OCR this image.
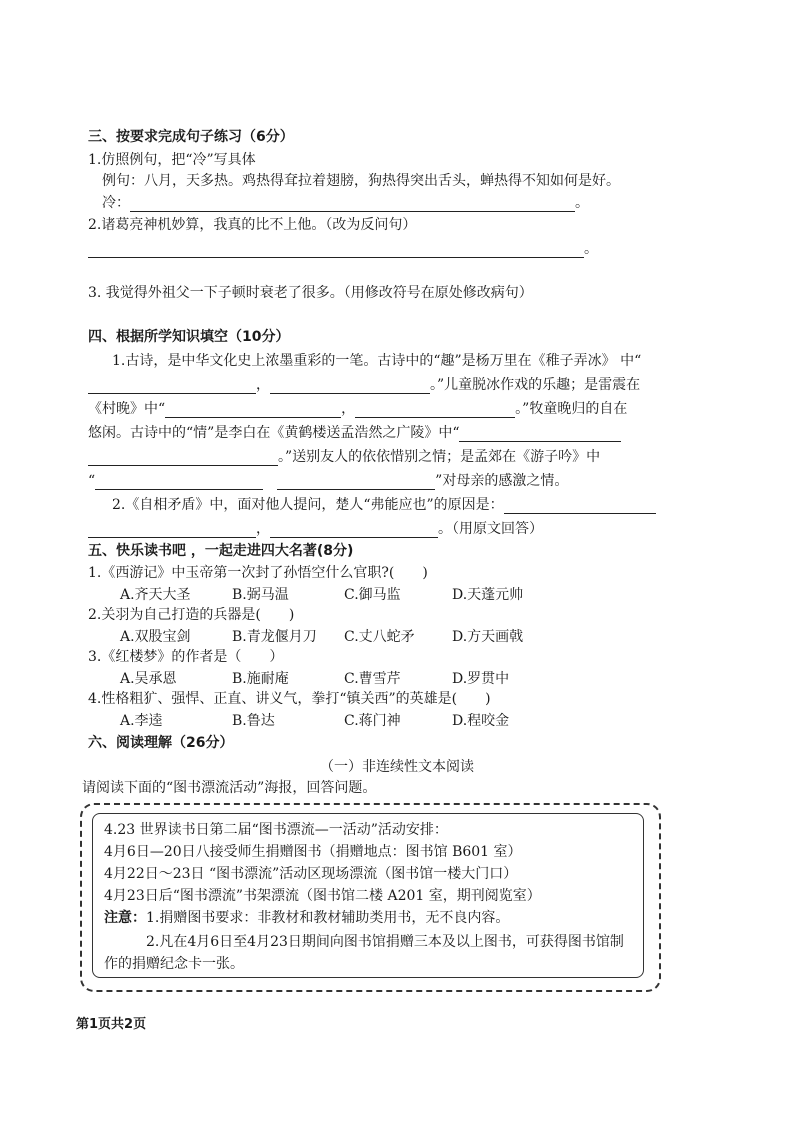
三、按要求完成句子练习（6分）
1.仿照例句，把“冷”写具体
例句：八月，天多热。鸡热得耷拉着翅膀，狗热得突出舌头，蝉热得不知如何是好。
冷：	。
2.诸葛亮神机妙算，我真的比不上他。（改为反问句）
。
3. 我觉得外祖父一下子顿时衰老了很多。（用修改符号在原处修改病句）
四、根据所学知识填空（10分）
1.古诗，是中华文化史上浓墨重彩的一笔。古诗中的“趣”是杨万里在《稚子弄冰》 中“
，	。”儿童脱冰作戏的乐趣；是雷震在
《村晚》中“	，	。”牧童晚归的自在
悠闲。古诗中的“情”是李白在《黄鹤楼送孟浩然之广陵》中“
。”送别友人的依依惜别之情；是孟郊在《游子吟》中
“	”对母亲的感激之情。
2.《自相矛盾》中，面对他人提问，楚人“弗能应也”的原因是：
，	。（用原文回答）
五、快乐读书吧 ，一起走进四大名著(8分)
1.《西游记》中玉帝第一次封了孙悟空什么官职?(　　)
A.齐天大圣	B.弼马温	C.御马监	D.天蓬元帅
2.关羽为自己打造的兵器是(　　)
A.双股宝剑	B.青龙偃月刀 C.丈八蛇矛	D.方天画戟
3.《红楼梦》的作者是（　　）
A.吴承恩	B.施耐庵	C.曹雪芹	D.罗贯中
4.性格粗犷、强悍、正直、讲义气，拳打“镇关西”的英雄是(　　)
A.李逵	B.鲁达	C.蒋门神	D.程咬金
六、阅读理解（26分）
（一）非连续性文本阅读
请阅读下面的“图书漂流活动”海报，回答问题。
4.23 世界读书日第二届“图书漂流—一活动”活动安排：
4月6日—20日八接受师生捐赠图书（捐赠地点：图书馆 B601 室）
4月22日～23日 “图书漂流”活动区现场漂流（图书馆一楼大门口）
4月23日后“图书漂流”书架漂流（图书馆二楼 A201 室，期刊阅览室）
注意：1.捐赠图书要求：非教材和教材辅助类用书，无不良内容。
2.凡在4月6日至4月23日期间向图书馆捐赠三本及以上图书，可获得图书馆制
作的捐赠纪念卡一张。
第1页共2页
